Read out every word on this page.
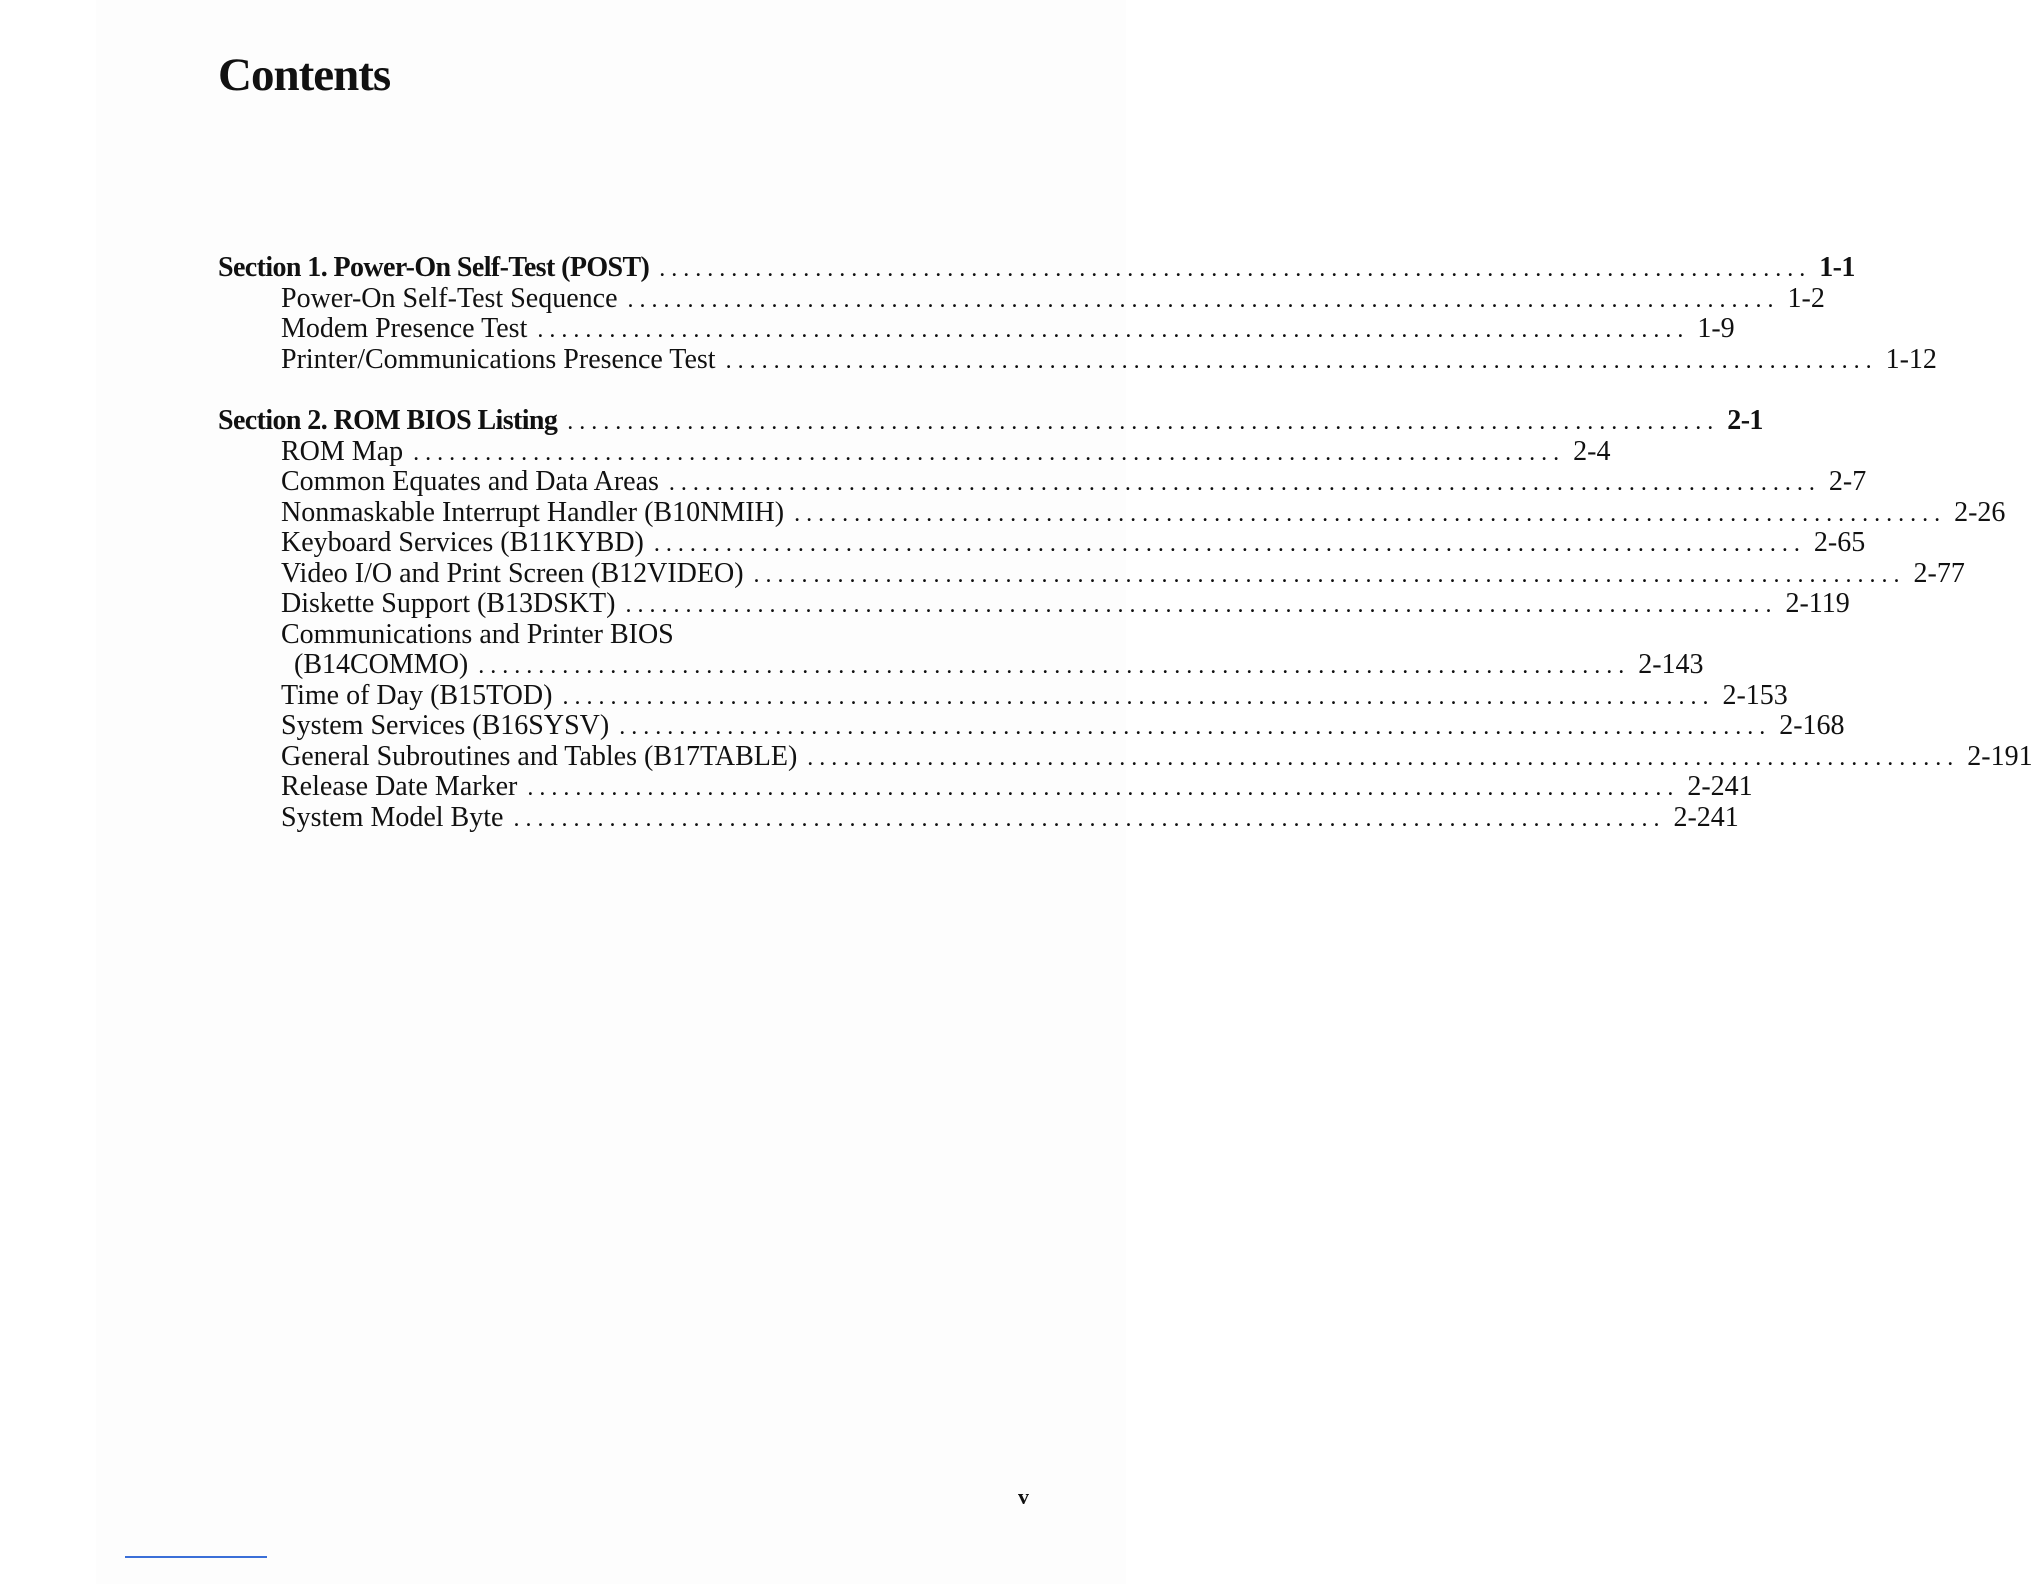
Contents
Section 1. Power-On Self-Test (POST) ................................................................................................ 1-1
Power-On Self-Test Sequence ................................................................................................ 1-2
Modem Presence Test ................................................................................................ 1-9
Printer/Communications Presence Test ................................................................................................ 1-12
Section 2. ROM BIOS Listing ................................................................................................ 2-1
ROM Map ................................................................................................ 2-4
Common Equates and Data Areas ................................................................................................ 2-7
Nonmaskable Interrupt Handler (B10NMIH) ................................................................................................ 2-26
Keyboard Services (B11KYBD) ................................................................................................ 2-65
Video I/O and Print Screen (B12VIDEO) ................................................................................................ 2-77
Diskette Support (B13DSKT) ................................................................................................ 2-119
Communications and Printer BIOS
(B14COMMO) ................................................................................................ 2-143
Time of Day (B15TOD) ................................................................................................ 2-153
System Services (B16SYSV) ................................................................................................ 2-168
General Subroutines and Tables (B17TABLE) ................................................................................................ 2-191
Release Date Marker ................................................................................................ 2-241
System Model Byte ................................................................................................ 2-241
v
